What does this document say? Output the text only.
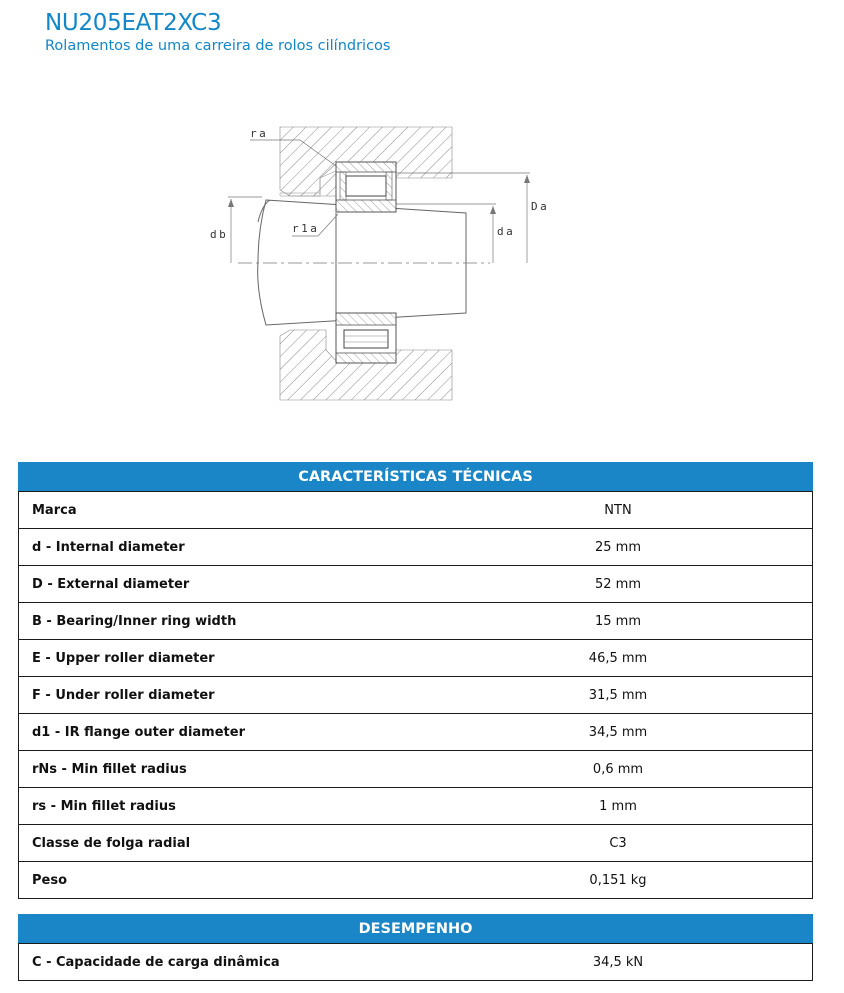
NU205EAT2XC3
Rolamentos de uma carreira de rolos cilíndricos
ra
r1a
db	da
Da
CARACTERÍSTICAS TÉCNICAS
Marca	NTN
d - Internal diameter	25 mm
D - External diameter	52 mm
B - Bearing/Inner ring width	15 mm
E - Upper roller diameter	46,5 mm
F - Under roller diameter	31,5 mm
d1 - IR flange outer diameter	34,5 mm
rNs - Min fillet radius	0,6 mm
rs - Min fillet radius	1 mm
Classe de folga radial	C3
Peso	0,151 kg
DESEMPENHO
C - Capacidade de carga dinâmica	34,5 kN
